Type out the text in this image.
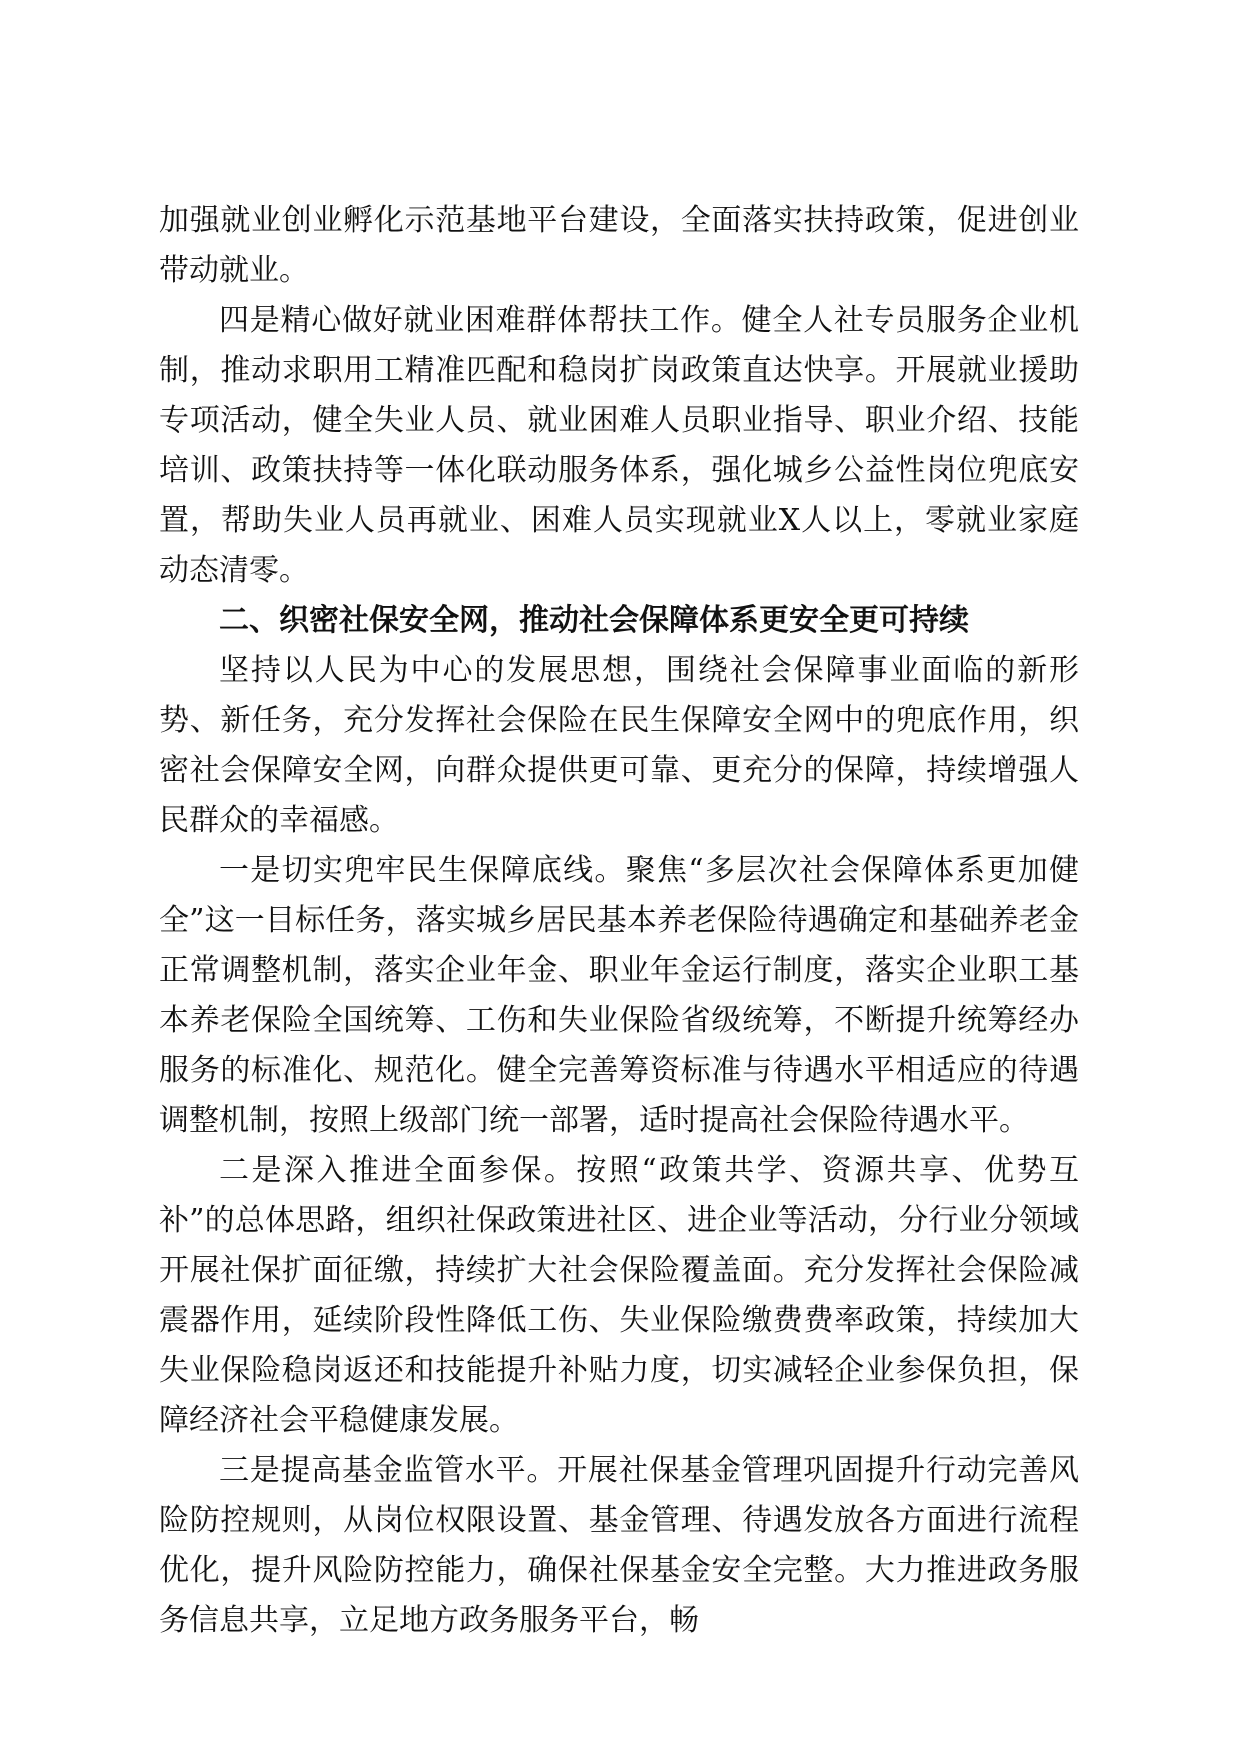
加强就业创业孵化示范基地平台建设，全面落实扶持政策，促进创业带动就业。

四是精心做好就业困难群体帮扶工作。健全人社专员服务企业机制，推动求职用工精准匹配和稳岗扩岗政策直达快享。开展就业援助专项活动，健全失业人员、就业困难人员职业指导、职业介绍、技能培训、政策扶持等一体化联动服务体系，强化城乡公益性岗位兜底安置，帮助失业人员再就业、困难人员实现就业X人以上，零就业家庭动态清零。

二、织密社保安全网，推动社会保障体系更安全更可持续

坚持以人民为中心的发展思想，围绕社会保障事业面临的新形势、新任务，充分发挥社会保险在民生保障安全网中的兜底作用，织密社会保障安全网，向群众提供更可靠、更充分的保障，持续增强人民群众的幸福感。

一是切实兜牢民生保障底线。聚焦“多层次社会保障体系更加健全”这一目标任务，落实城乡居民基本养老保险待遇确定和基础养老金正常调整机制，落实企业年金、职业年金运行制度，落实企业职工基本养老保险全国统筹、工伤和失业保险省级统筹，不断提升统筹经办服务的标准化、规范化。健全完善筹资标准与待遇水平相适应的待遇调整机制，按照上级部门统一部署，适时提高社会保险待遇水平。

二是深入推进全面参保。按照“政策共学、资源共享、优势互补”的总体思路，组织社保政策进社区、进企业等活动，分行业分领域开展社保扩面征缴，持续扩大社会保险覆盖面。充分发挥社会保险减震器作用，延续阶段性降低工伤、失业保险缴费费率政策，持续加大失业保险稳岗返还和技能提升补贴力度，切实减轻企业参保负担，保障经济社会平稳健康发展。

三是提高基金监管水平。开展社保基金管理巩固提升行动完善风险防控规则，从岗位权限设置、基金管理、待遇发放各方面进行流程优化，提升风险防控能力，确保社保基金安全完整。大力推进政务服务信息共享，立足地方政务服务平台，畅
